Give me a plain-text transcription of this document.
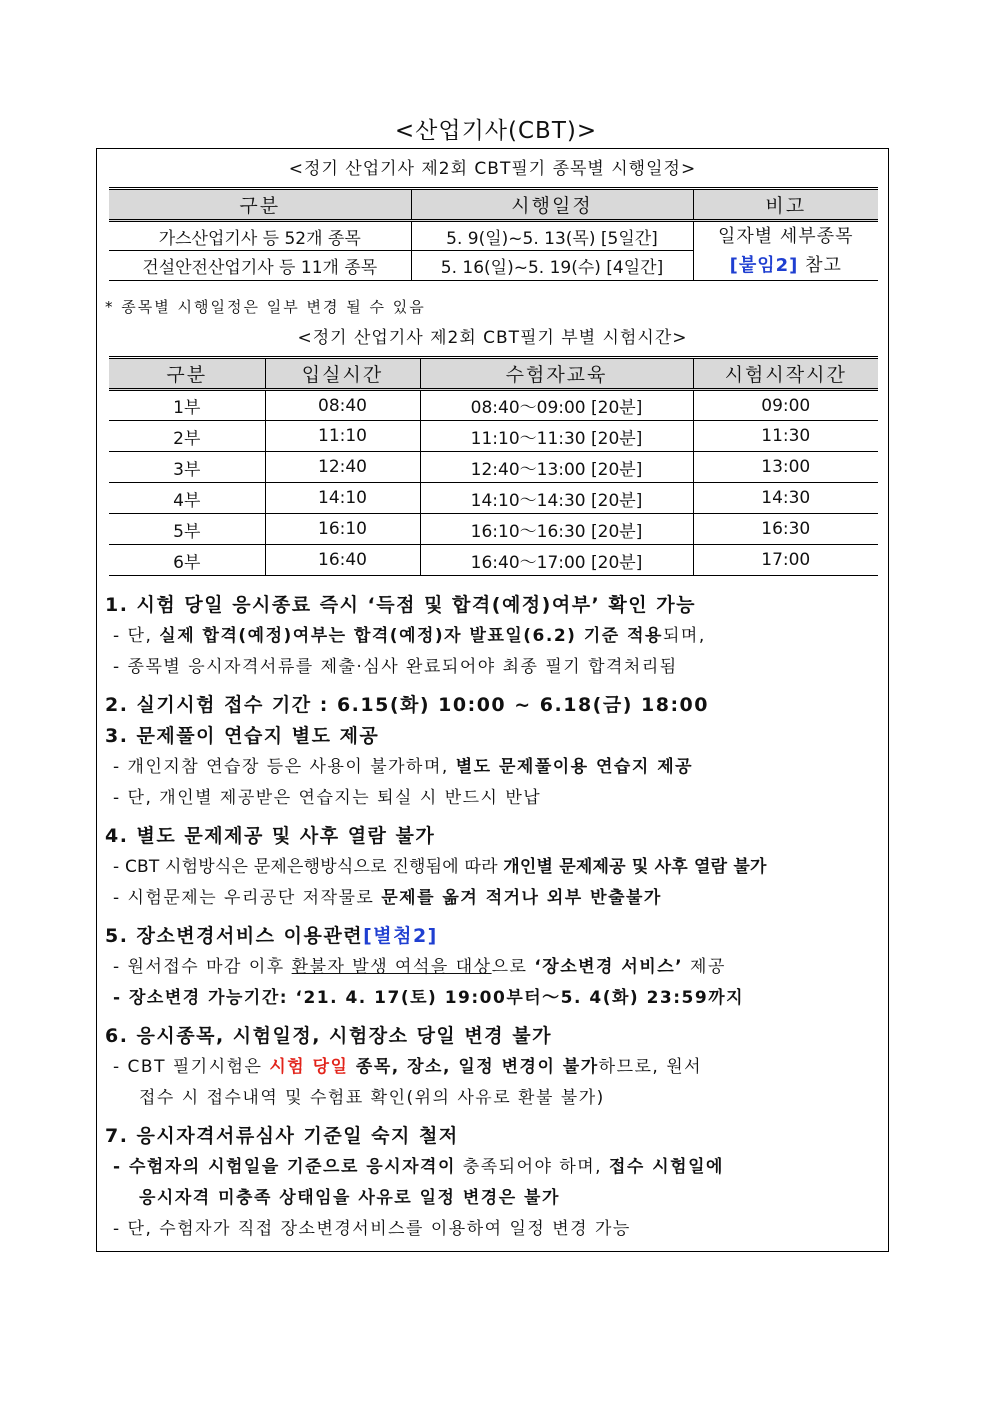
<산업기사(CBT)>
<정기 산업기사 제2회 CBT필기 종목별 시행일정>
구분	시행일정	비고
가스산업기사 등 52개 종목	5. 9(일)~5. 13(목) [5일간]	일자별 세부종목
[붙임2] 참고

건설안전산업기사 등 11개 종목	5. 16(일)~5. 19(수) [4일간]	
* 종목별 시행일정은 일부 변경 될 수 있음
<정기 산업기사 제2회 CBT필기 부별 시험시간>
구분	입실시간	수험자교육	시험시작시간
1부	08:40	08:40～09:00 [20분]	09:00
2부	11:10	11:10～11:30 [20분]	11:30
3부	12:40	12:40～13:00 [20분]	13:00
4부	14:10	14:10～14:30 [20분]	14:30
5부	16:10	16:10～16:30 [20분]	16:30
6부	16:40	16:40～17:00 [20분]	17:00
1. 시험 당일 응시종료 즉시 ‘득점 및 합격(예정)여부’ 확인 가능
- 단, 실제 합격(예정)여부는 합격(예정)자 발표일(6.2) 기준 적용되며,
- 종목별 응시자격서류를 제출·심사 완료되어야 최종 필기 합격처리됨
2. 실기시험 접수 기간 : 6.15(화) 10:00 ~ 6.18(금) 18:00
3. 문제풀이 연습지 별도 제공
- 개인지참 연습장 등은 사용이 불가하며, 별도 문제풀이용 연습지 제공
- 단, 개인별 제공받은 연습지는 퇴실 시 반드시 반납
4. 별도 문제제공 및 사후 열람 불가
- CBT 시험방식은 문제은행방식으로 진행됨에 따라 개인별 문제제공 및 사후 열람 불가
- 시험문제는 우리공단 저작물로 문제를 옮겨 적거나 외부 반출불가
5. 장소변경서비스 이용관련[별첨2]
- 원서접수 마감 이후 환불자 발생 여석을 대상으로 ‘장소변경 서비스’ 제공
- 장소변경 가능기간: ‘21. 4. 17(토) 19:00부터～5. 4(화) 23:59까지
6. 응시종목, 시험일정, 시험장소 당일 변경 불가
- CBT 필기시험은 시험 당일 종목, 장소, 일정 변경이 불가하므로, 원서
접수 시 접수내역 및 수험표 확인(위의 사유로 환불 불가)
7. 응시자격서류심사 기준일 숙지 철저
- 수험자의 시험일을 기준으로 응시자격이 충족되어야 하며, 접수 시험일에
응시자격 미충족 상태임을 사유로 일정 변경은 불가
- 단, 수험자가 직접 장소변경서비스를 이용하여 일정 변경 가능
